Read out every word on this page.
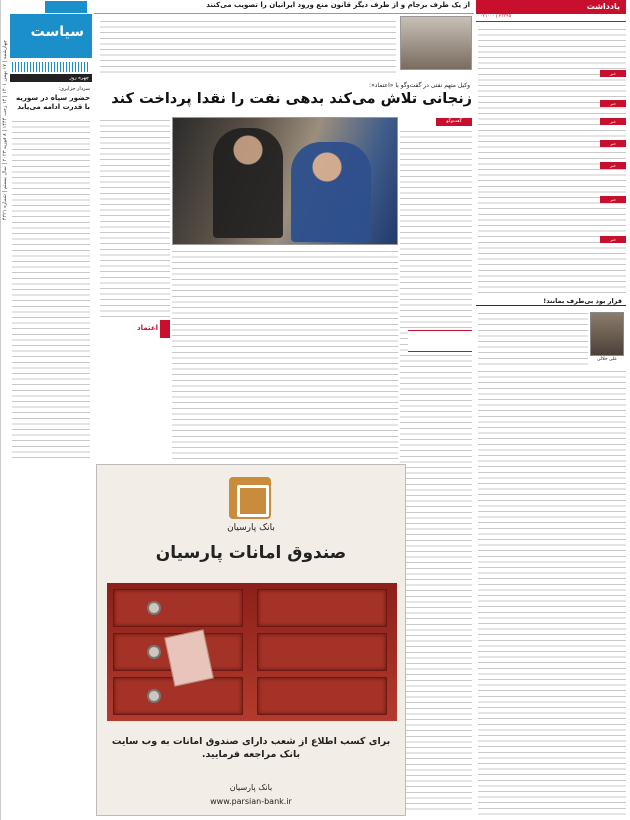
چهارشنبه | ۱۷ بهمن ۱۴۰۱ | ۱۴ رجب ۱۴۴۴ | ۸ فوریه ۲۰۲۳ | سال بیستم | شماره ۴۲۲۱
سیاست
چهره روز
سردار جزایری:
حضور سپاه در سوریه با قدرت ادامه می‌یابد
از یک طرف برجام و از طرف دیگر قانون منع ورود ایرانیان را تصویب می‌کنند
وکیل متهم نفتی در گفت‌وگو با «اعتماد»:
زنجانی تلاش می‌کند بدهی نفت را نقدا پرداخت کند
گفت‌وگو
اعتماد
یادداشت
۲۳۳۴۵ | ۰۲۱۰۰۰
خبر
خبر
خبر
خبر
خبر
خبر
خبر
قرار بود بی‌طرف بمانند!
علی جلالی
بانک پارسیان
صندوق امانات پارسیان
برای کسب اطلاع از شعب دارای صندوق امانات به وب سایت بانک مراجعه فرمایید.
بانک پارسیان
www.parsian-bank.ir
